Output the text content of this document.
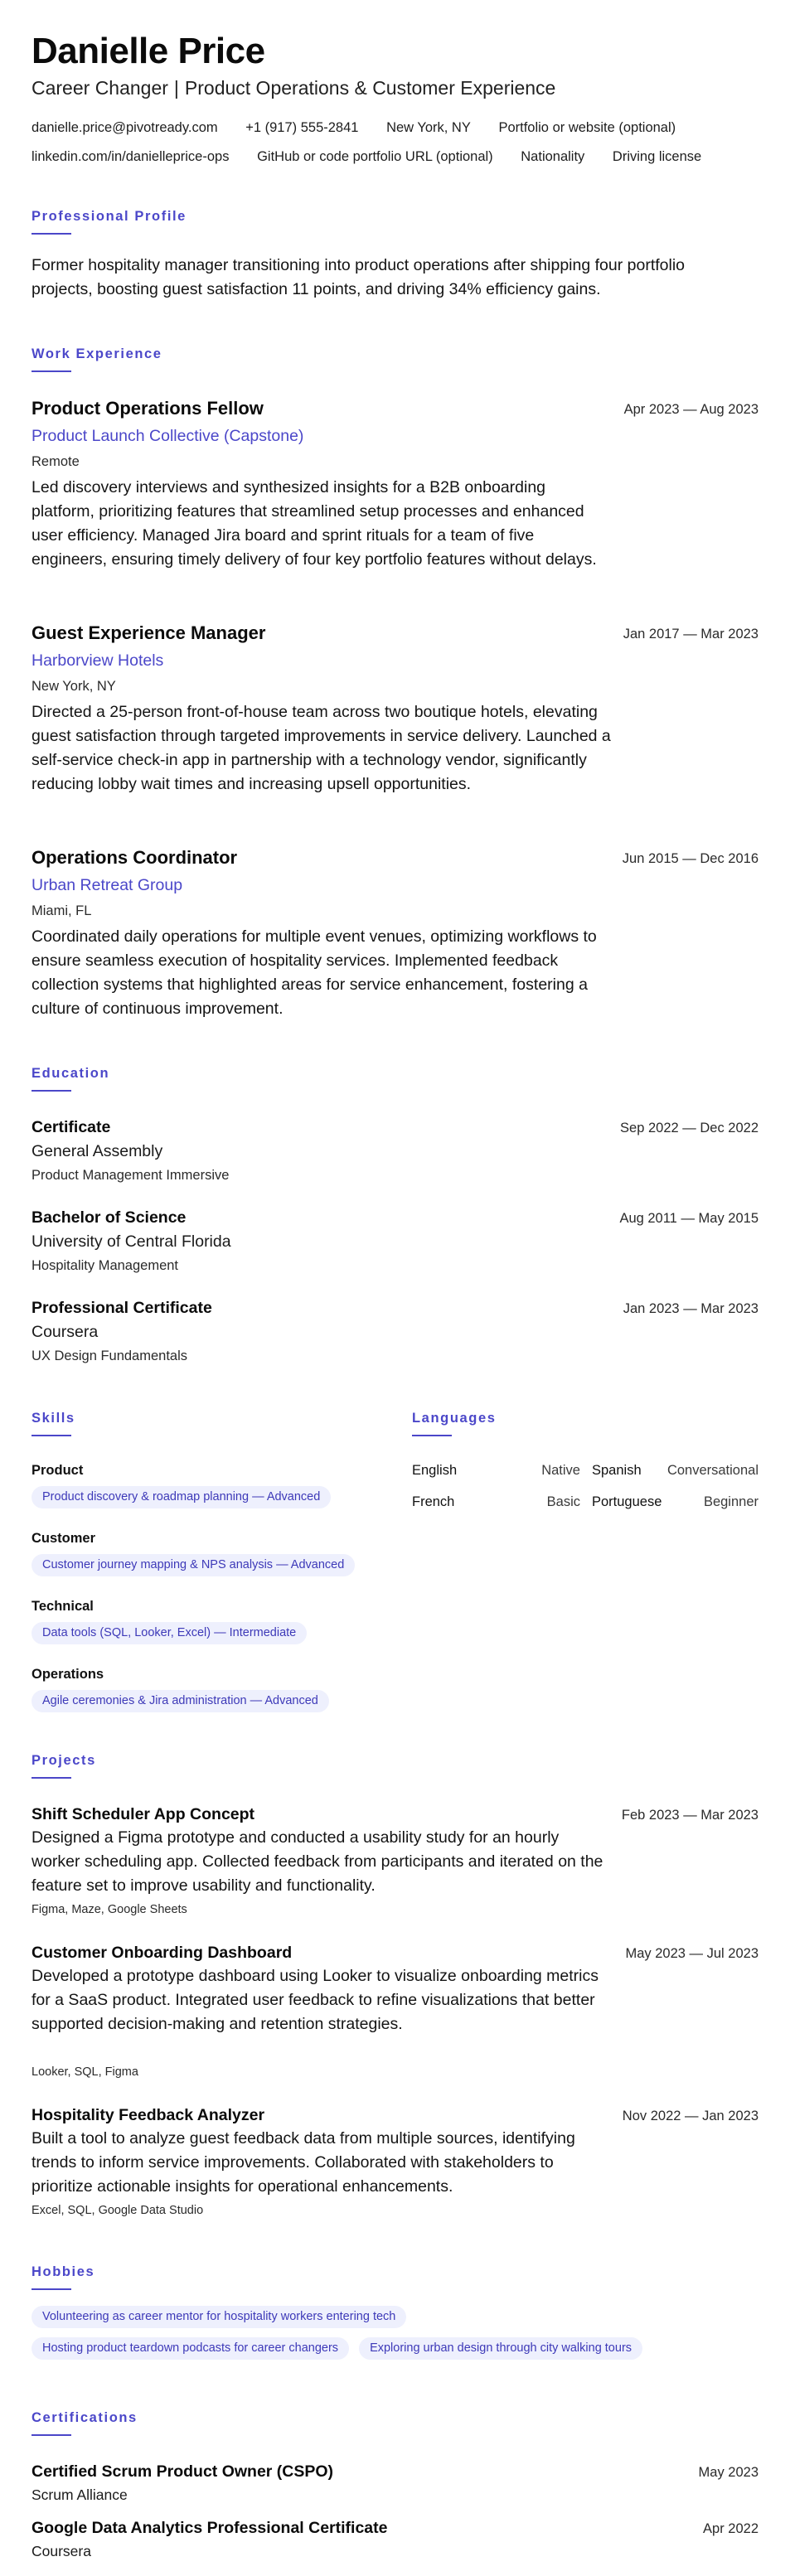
Danielle Price
Career Changer | Product Operations & Customer Experience
danielle.price@pivotready.com +1 (917) 555-2841 New York, NY Portfolio or website (optional)
linkedin.com/in/danielleprice-ops GitHub or code portfolio URL (optional) Nationality Driving license
Professional Profile
Former hospitality manager transitioning into product operations after shipping four portfolio projects, boosting guest satisfaction 11 points, and driving 34% efficiency gains.
Work Experience
Product Operations Fellow	Apr 2023 — Aug 2023
Product Launch Collective (Capstone)
Remote
Led discovery interviews and synthesized insights for a B2B onboarding platform, prioritizing features that streamlined setup processes and enhanced user efficiency. Managed Jira board and sprint rituals for a team of five engineers, ensuring timely delivery of four key portfolio features without delays.
Guest Experience Manager	Jan 2017 — Mar 2023
Harborview Hotels
New York, NY
Directed a 25-person front-of-house team across two boutique hotels, elevating guest satisfaction through targeted improvements in service delivery. Launched a self-service check-in app in partnership with a technology vendor, significantly reducing lobby wait times and increasing upsell opportunities.
Operations Coordinator	Jun 2015 — Dec 2016
Urban Retreat Group
Miami, FL
Coordinated daily operations for multiple event venues, optimizing workflows to ensure seamless execution of hospitality services. Implemented feedback collection systems that highlighted areas for service enhancement, fostering a culture of continuous improvement.
Education
Certificate	Sep 2022 — Dec 2022
General Assembly
Product Management Immersive
Bachelor of Science	Aug 2011 — May 2015
University of Central Florida
Hospitality Management
Professional Certificate	Jan 2023 — Mar 2023
Coursera
UX Design Fundamentals
Skills
Product
Product discovery & roadmap planning — Advanced
Customer
Customer journey mapping & NPS analysis — Advanced
Technical
Data tools (SQL, Looker, Excel) — Intermediate
Operations
Agile ceremonies & Jira administration — Advanced
Languages
English	Native Spanish Conversational
French	Basic Portuguese	Beginner
Projects
Shift Scheduler App Concept	Feb 2023 — Mar 2023
Designed a Figma prototype and conducted a usability study for an hourly worker scheduling app. Collected feedback from participants and iterated on the feature set to improve usability and functionality.
Figma, Maze, Google Sheets
Customer Onboarding Dashboard	May 2023 — Jul 2023
Developed a prototype dashboard using Looker to visualize onboarding metrics for a SaaS product. Integrated user feedback to refine visualizations that better supported decision-making and retention strategies.
Looker, SQL, Figma
Hospitality Feedback Analyzer	Nov 2022 — Jan 2023
Built a tool to analyze guest feedback data from multiple sources, identifying trends to inform service improvements. Collaborated with stakeholders to prioritize actionable insights for operational enhancements.
Excel, SQL, Google Data Studio
Hobbies
Volunteering as career mentor for hospitality workers entering tech
Hosting product teardown podcasts for career changers	Exploring urban design through city walking tours
Certifications
Certified Scrum Product Owner (CSPO)	May 2023
Scrum Alliance
Google Data Analytics Professional Certificate	Apr 2022
Coursera
